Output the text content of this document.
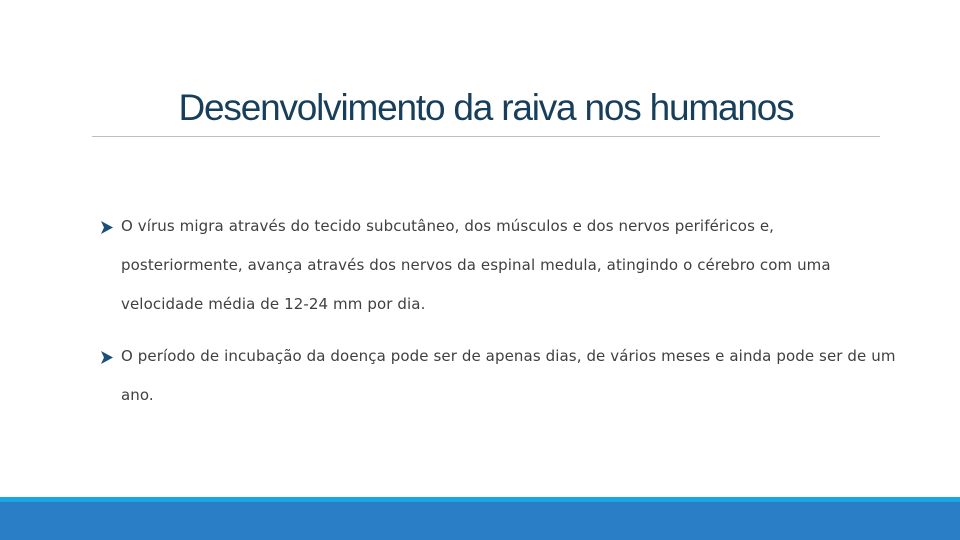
Desenvolvimento da raiva nos humanos
O vírus migra através do tecido subcutâneo, dos músculos e dos nervos periféricos e, posteriormente, avança através dos nervos da espinal medula, atingindo o cérebro com uma velocidade média de 12-24 mm por dia.
O período de incubação da doença pode ser de apenas dias, de vários meses e ainda pode ser de um ano.
